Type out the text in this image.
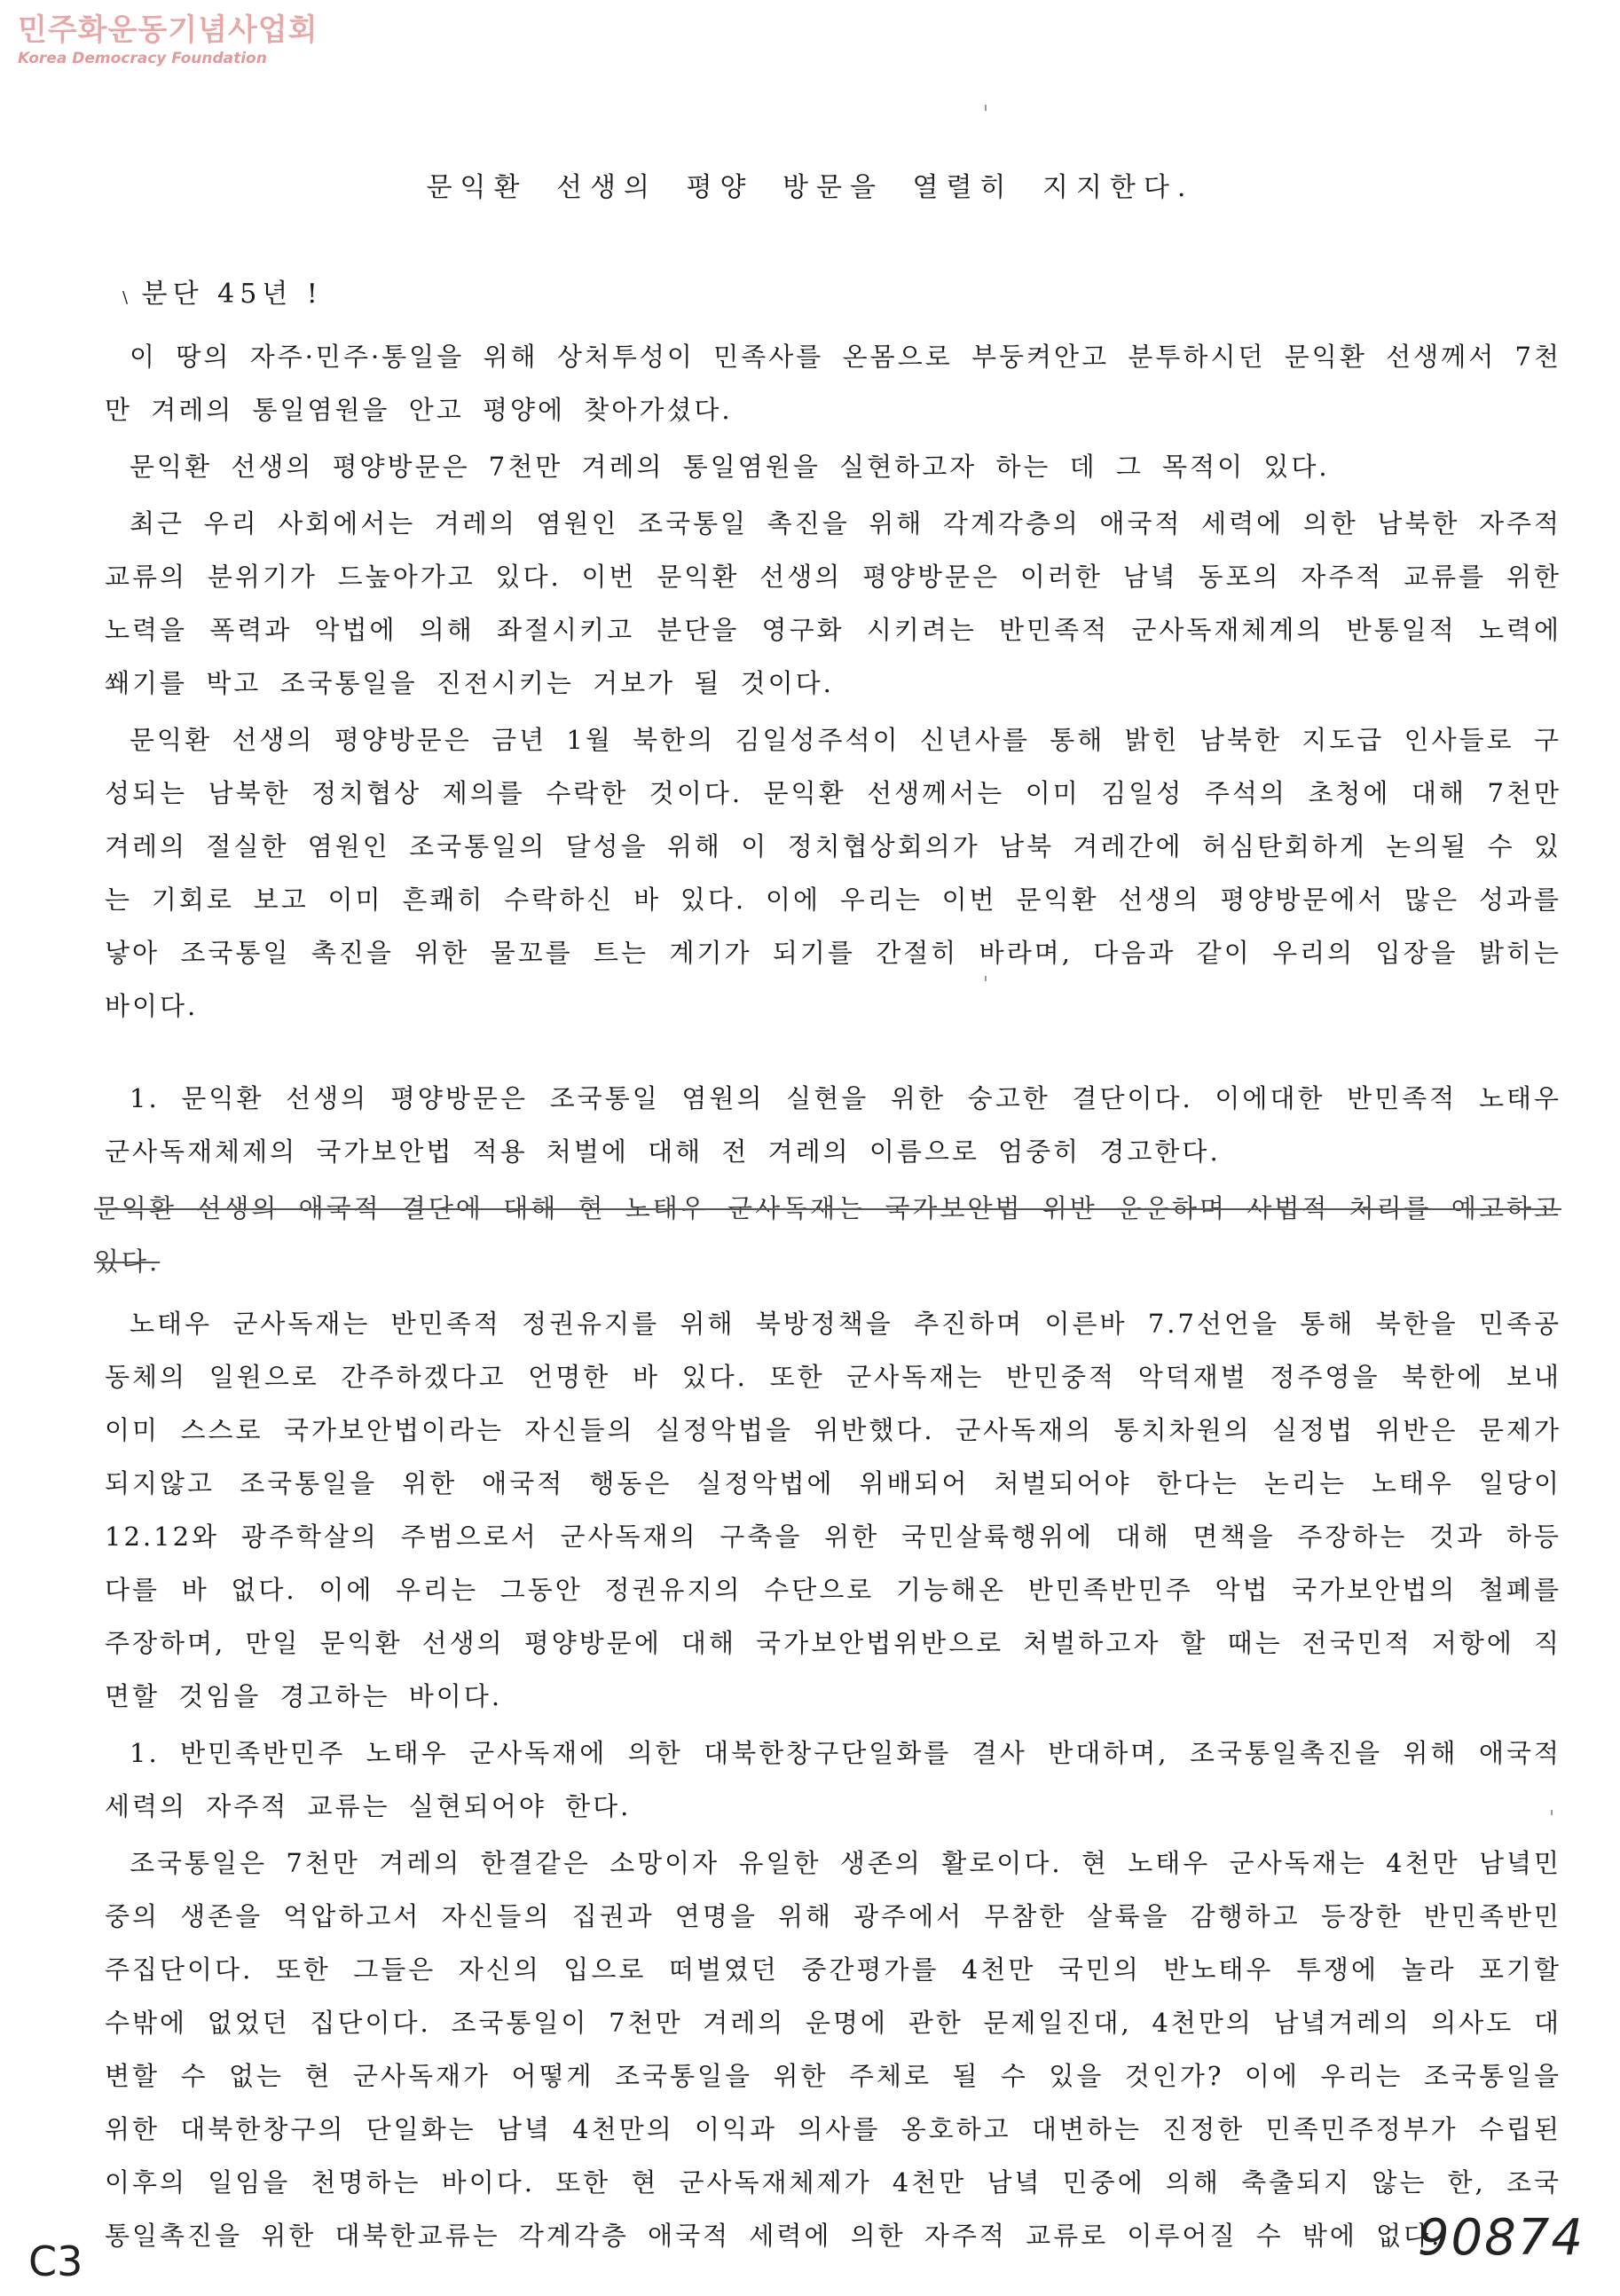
민주화운동기념사업회
Korea Democracy Foundation
문익환 선생의 평양 방문을 열렬히 지지한다.
\ 분단 45년 !

이 땅의 자주·민주·통일을 위해 상처투성이 민족사를 온몸으로 부둥켜안고 분투하시던 문익환 선생께서 7천만 겨레의 통일염원을 안고 평양에 찾아가셨다.

문익환 선생의 평양방문은 7천만 겨레의 통일염원을 실현하고자 하는 데 그 목적이 있다.

최근 우리 사회에서는 겨레의 염원인 조국통일 촉진을 위해 각계각층의 애국적 세력에 의한 남북한 자주적 교류의 분위기가 드높아가고 있다. 이번 문익환 선생의 평양방문은 이러한 남녘 동포의 자주적 교류를 위한 노력을 폭력과 악법에 의해 좌절시키고 분단을 영구화 시키려는 반민족적 군사독재체계의 반통일적 노력에 쐐기를 박고 조국통일을 진전시키는 거보가 될 것이다.

문익환 선생의 평양방문은 금년 1월 북한의 김일성주석이 신년사를 통해 밝힌 남북한 지도급 인사들로 구성되는 남북한 정치협상 제의를 수락한 것이다. 문익환 선생께서는 이미 김일성 주석의 초청에 대해 7천만 겨레의 절실한 염원인 조국통일의 달성을 위해 이 정치협상회의가 남북 겨레간에 허심탄회하게 논의될 수 있는 기회로 보고 이미 흔쾌히 수락하신 바 있다. 이에 우리는 이번 문익환 선생의 평양방문에서 많은 성과를 낳아 조국통일 촉진을 위한 물꼬를 트는 계기가 되기를 간절히 바라며, 다음과 같이 우리의 입장을 밝히는 바이다.

1. 문익환 선생의 평양방문은 조국통일 염원의 실현을 위한 숭고한 결단이다. 이에대한 반민족적 노태우 군사독재체제의 국가보안법 적용 처벌에 대해 전 겨레의 이름으로 엄중히 경고한다.

문익환 선생의 애국적 결단에 대해 현 노태우 군사독재는 국가보안법 위반 운운하며 사법적 처리를 예고하고 있다.

노태우 군사독재는 반민족적 정권유지를 위해 북방정책을 추진하며 이른바 7.7선언을 통해 북한을 민족공동체의 일원으로 간주하겠다고 언명한 바 있다. 또한 군사독재는 반민중적 악덕재벌 정주영을 북한에 보내 이미 스스로 국가보안법이라는 자신들의 실정악법을 위반했다. 군사독재의 통치차원의 실정법 위반은 문제가 되지않고 조국통일을 위한 애국적 행동은 실정악법에 위배되어 처벌되어야 한다는 논리는 노태우 일당이 12.12와 광주학살의 주범으로서 군사독재의 구축을 위한 국민살륙행위에 대해 면책을 주장하는 것과 하등 다를 바 없다. 이에 우리는 그동안 정권유지의 수단으로 기능해온 반민족반민주 악법 국가보안법의 철폐를 주장하며, 만일 문익환 선생의 평양방문에 대해 국가보안법위반으로 처벌하고자 할 때는 전국민적 저항에 직면할 것임을 경고하는 바이다.

1. 반민족반민주 노태우 군사독재에 의한 대북한창구단일화를 결사 반대하며, 조국통일촉진을 위해 애국적 세력의 자주적 교류는 실현되어야 한다.

조국통일은 7천만 겨레의 한결같은 소망이자 유일한 생존의 활로이다. 현 노태우 군사독재는 4천만 남녘민중의 생존을 억압하고서 자신들의 집권과 연명을 위해 광주에서 무참한 살륙을 감행하고 등장한 반민족반민주집단이다. 또한 그들은 자신의 입으로 떠벌였던 중간평가를 4천만 국민의 반노태우 투쟁에 놀라 포기할 수밖에 없었던 집단이다. 조국통일이 7천만 겨레의 운명에 관한 문제일진대, 4천만의 남녘겨레의 의사도 대변할 수 없는 현 군사독재가 어떻게 조국통일을 위한 주체로 될 수 있을 것인가? 이에 우리는 조국통일을 위한 대북한창구의 단일화는 남녘 4천만의 이익과 의사를 옹호하고 대변하는 진정한 민족민주정부가 수립된 이후의 일임을 천명하는 바이다. 또한 현 군사독재체제가 4천만 남녘 민중에 의해 축출되지 않는 한, 조국통일촉진을 위한 대북한교류는 각계각층 애국적 세력에 의한 자주적 교류로 이루어질 수 밖에 없다.

C3	90874
